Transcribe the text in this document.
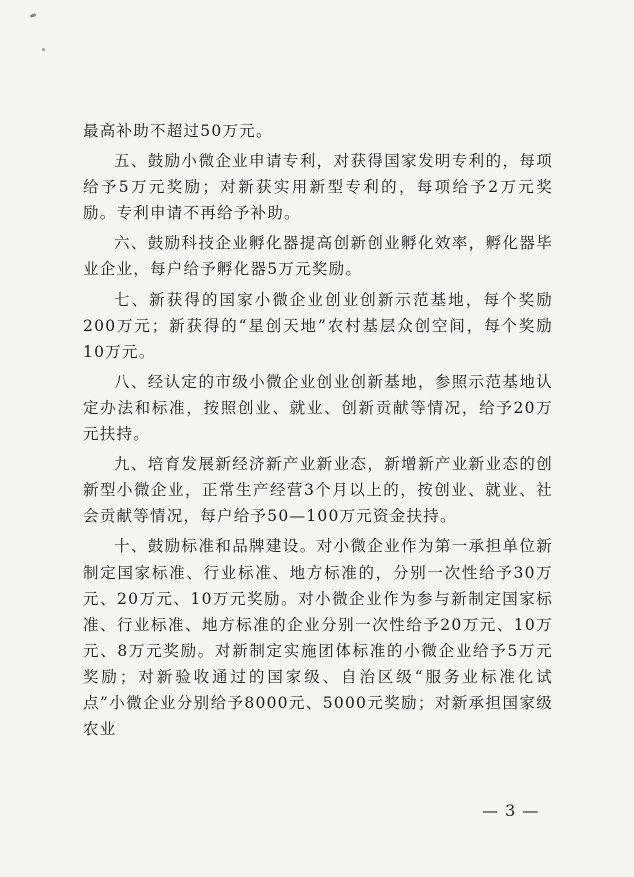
最高补助不超过50万元。

五、鼓励小微企业申请专利，对获得国家发明专利的，每项给予5万元奖励；对新获实用新型专利的，每项给予2万元奖励。专利申请不再给予补助。

六、鼓励科技企业孵化器提高创新创业孵化效率，孵化器毕业企业，每户给予孵化器5万元奖励。

七、新获得的国家小微企业创业创新示范基地，每个奖励200万元；新获得的“星创天地”农村基层众创空间，每个奖励10万元。

八、经认定的市级小微企业创业创新基地，参照示范基地认定办法和标准，按照创业、就业、创新贡献等情况，给予20万元扶持。

九、培育发展新经济新产业新业态，新增新产业新业态的创新型小微企业，正常生产经营3个月以上的，按创业、就业、社会贡献等情况，每户给予50—100万元资金扶持。

十、鼓励标准和品牌建设。对小微企业作为第一承担单位新制定国家标准、行业标准、地方标准的，分别一次性给予30万元、20万元、10万元奖励。对小微企业作为参与新制定国家标准、行业标准、地方标准的企业分别一次性给予20万元、10万元、8万元奖励。对新制定实施团体标准的小微企业给予5万元奖励；对新验收通过的国家级、自治区级“服务业标准化试点”小微企业分别给予8000元、5000元奖励；对新承担国家级农业

— 3 —
